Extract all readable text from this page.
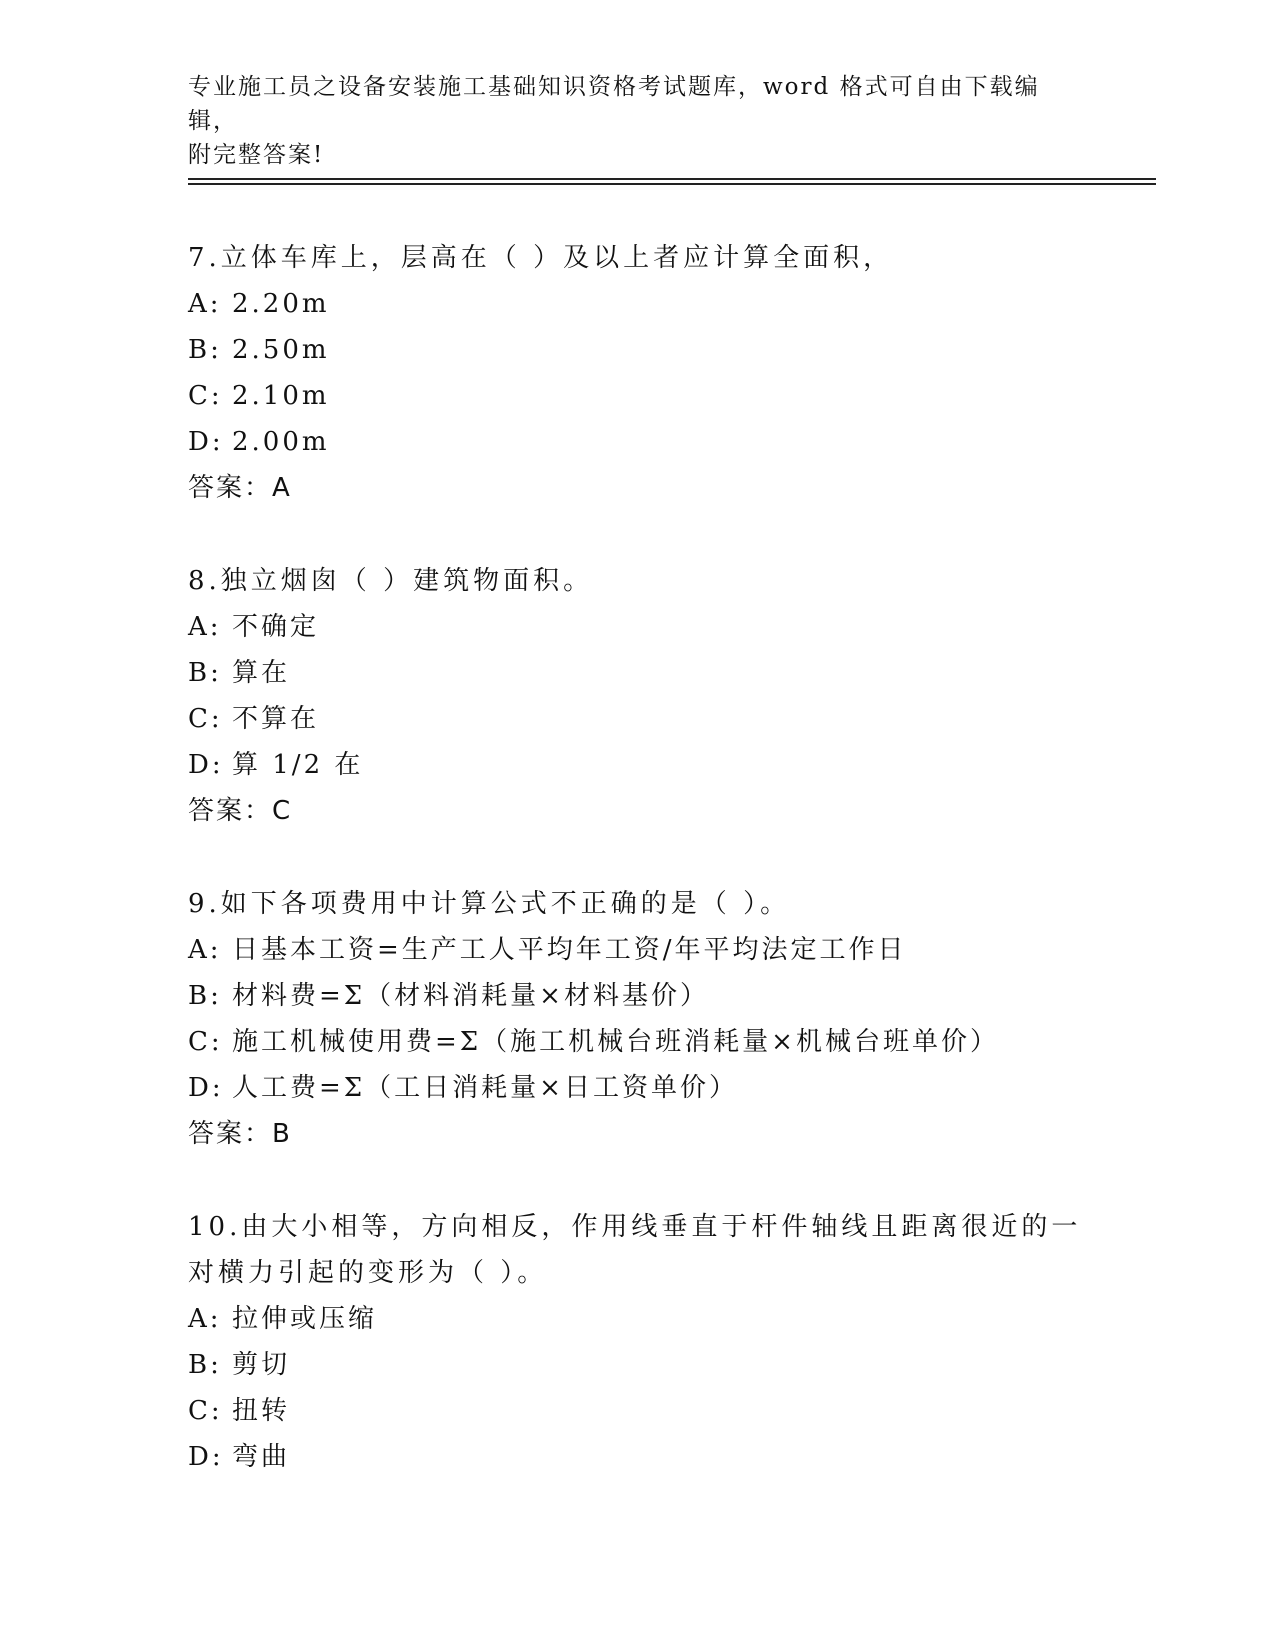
专业施工员之设备安装施工基础知识资格考试题库，word 格式可自由下载编辑，
附完整答案!
7.立体车库上，层高在（ ）及以上者应计算全面积，
A: 2.20m
B: 2.50m
C: 2.10m
D: 2.00m
答案：A
8.独立烟囱（ ）建筑物面积。
A: 不确定
B: 算在
C: 不算在
D: 算 1/2 在
答案：C
9.如下各项费用中计算公式不正确的是（ ）。
A: 日基本工资=生产工人平均年工资/年平均法定工作日
B: 材料费=Σ（材料消耗量×材料基价）
C: 施工机械使用费=Σ（施工机械台班消耗量×机械台班单价）
D: 人工费=Σ（工日消耗量×日工资单价）
答案：B
10.由大小相等，方向相反，作用线垂直于杆件轴线且距离很近的一对横力引起的变形为（ ）。
A: 拉伸或压缩
B: 剪切
C: 扭转
D: 弯曲
